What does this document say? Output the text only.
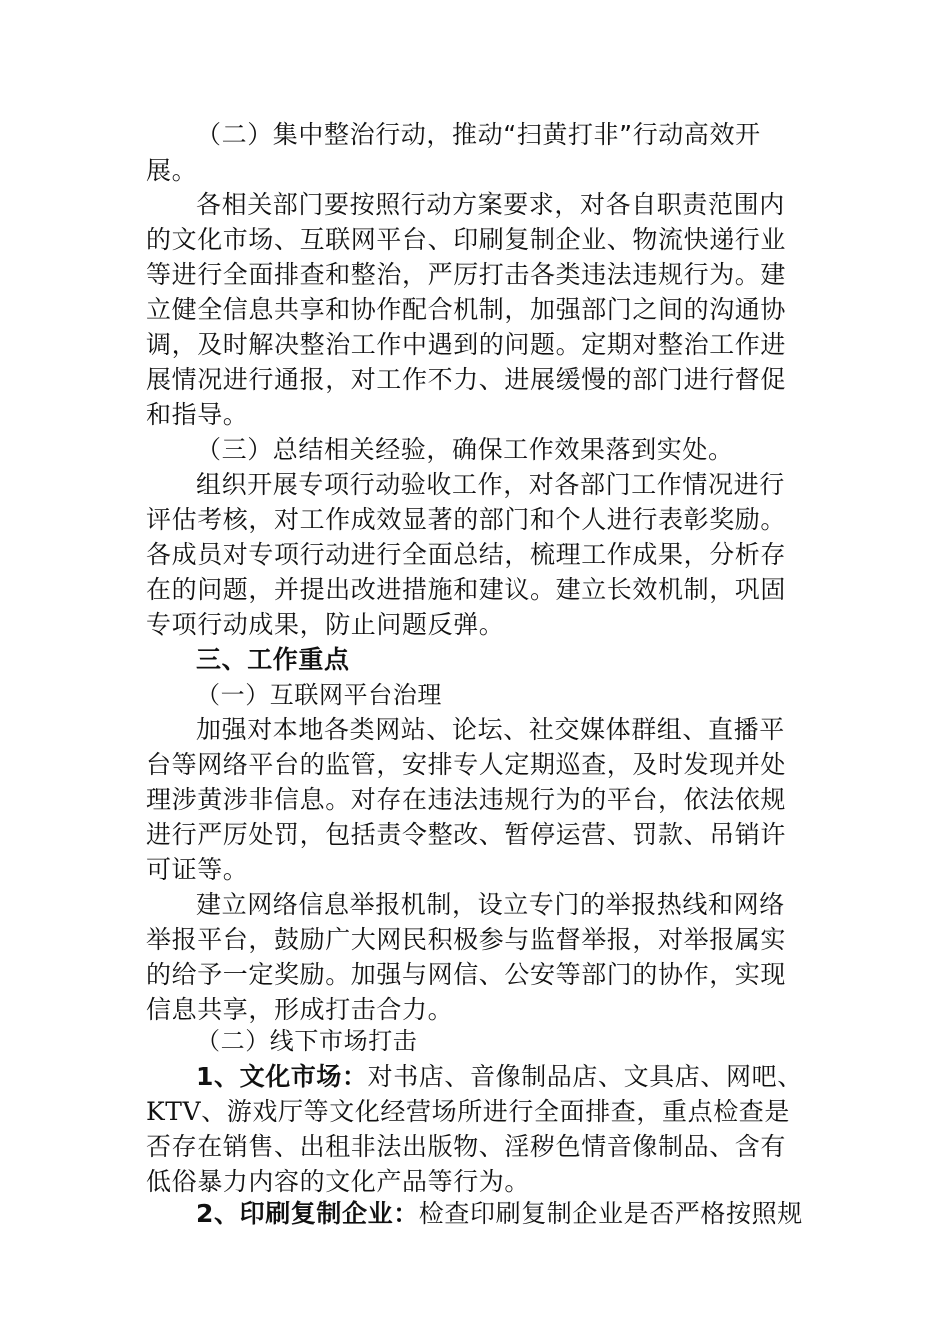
（二）集中整治行动，推动“扫黄打非”行动高效开
展。
各相关部门要按照行动方案要求，对各自职责范围内
的文化市场、互联网平台、印刷复制企业、物流快递行业
等进行全面排查和整治，严厉打击各类违法违规行为。建
立健全信息共享和协作配合机制，加强部门之间的沟通协
调，及时解决整治工作中遇到的问题。定期对整治工作进
展情况进行通报，对工作不力、进展缓慢的部门进行督促
和指导。
（三）总结相关经验，确保工作效果落到实处。
组织开展专项行动验收工作，对各部门工作情况进行
评估考核，对工作成效显著的部门和个人进行表彰奖励。
各成员对专项行动进行全面总结，梳理工作成果，分析存
在的问题，并提出改进措施和建议。建立长效机制，巩固
专项行动成果，防止问题反弹。
三、工作重点
（一）互联网平台治理
加强对本地各类网站、论坛、社交媒体群组、直播平
台等网络平台的监管，安排专人定期巡查，及时发现并处
理涉黄涉非信息。对存在违法违规行为的平台，依法依规
进行严厉处罚，包括责令整改、暂停运营、罚款、吊销许
可证等。
建立网络信息举报机制，设立专门的举报热线和网络
举报平台，鼓励广大网民积极参与监督举报，对举报属实
的给予一定奖励。加强与网信、公安等部门的协作，实现
信息共享，形成打击合力。
（二）线下市场打击
1、文化市场：对书店、音像制品店、文具店、网吧、
KTV、游戏厅等文化经营场所进行全面排查，重点检查是
否存在销售、出租非法出版物、淫秽色情音像制品、含有
低俗暴力内容的文化产品等行为。
2、印刷复制企业：检查印刷复制企业是否严格按照规
